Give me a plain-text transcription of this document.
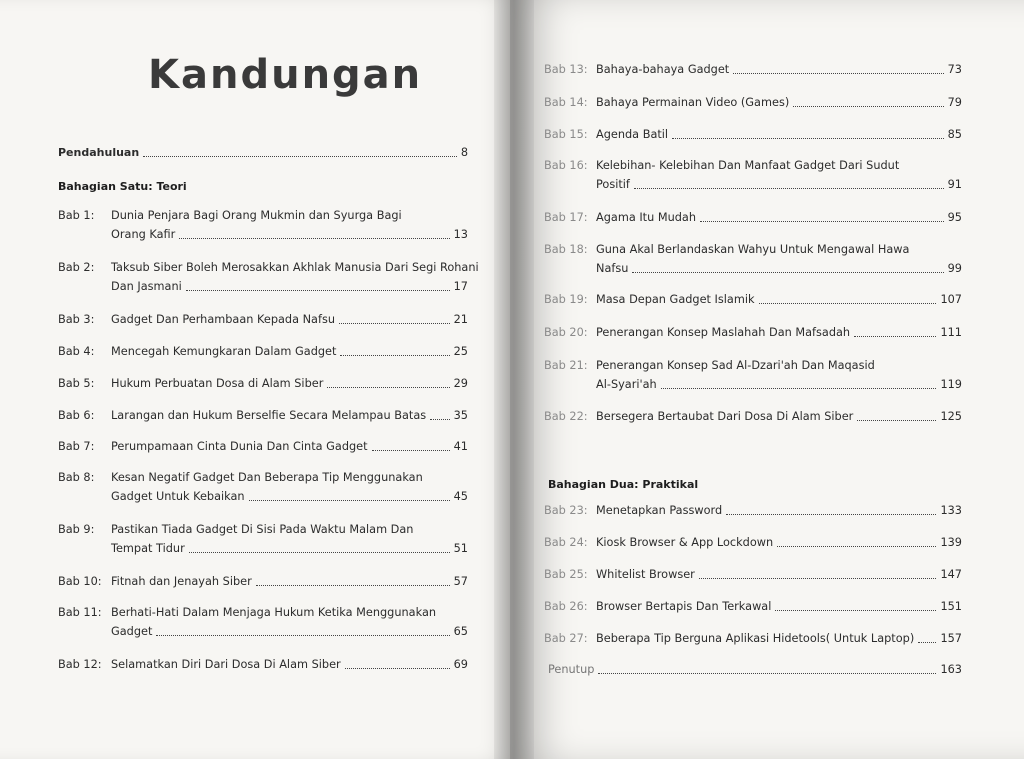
Kandungan
Pendahuluan	8
Bahagian Satu: Teori
Bab 1: Dunia Penjara Bagi Orang Mukmin dan Syurga Bagi
Orang Kafir	13
Bab 2: Taksub Siber Boleh Merosakkan Akhlak Manusia Dari Segi Rohani
Dan Jasmani	17
Bab 3: Gadget Dan Perhambaan Kepada Nafsu	21
Bab 4: Mencegah Kemungkaran Dalam Gadget	25
Bab 5: Hukum Perbuatan Dosa di Alam Siber	29
Bab 6: Larangan dan Hukum Berselfie Secara Melampau Batas 35
Bab 7: Perumpamaan Cinta Dunia Dan Cinta Gadget	41
Bab 8: Kesan Negatif Gadget Dan Beberapa Tip Menggunakan
Gadget Untuk Kebaikan	45
Bab 9: Pastikan Tiada Gadget Di Sisi Pada Waktu Malam Dan
Tempat Tidur	51
Bab 10: Fitnah dan Jenayah Siber	57
Bab 11: Berhati-Hati Dalam Menjaga Hukum Ketika Menggunakan
Gadget	65
Bab 12: Selamatkan Diri Dari Dosa Di Alam Siber	69
Bab 13: Bahaya-bahaya Gadget	73
Bab 14: Bahaya Permainan Video (Games)	79
Bab 15: Agenda Batil	85
Bab 16: Kelebihan- Kelebihan Dan Manfaat Gadget Dari Sudut
Positif	91
Bab 17: Agama Itu Mudah	95
Bab 18: Guna Akal Berlandaskan Wahyu Untuk Mengawal Hawa
Nafsu	99
Bab 19: Masa Depan Gadget Islamik	107
Bab 20: Penerangan Konsep Maslahah Dan Mafsadah	111
Bab 21: Penerangan Konsep Sad Al-Dzari'ah Dan Maqasid
Al-Syari'ah	119
Bab 22: Bersegera Bertaubat Dari Dosa Di Alam Siber	125
Bahagian Dua: Praktikal
Bab 23: Menetapkan Password	133
Bab 24: Kiosk Browser & App Lockdown	139
Bab 25: Whitelist Browser	147
Bab 26: Browser Bertapis Dan Terkawal	151
Bab 27: Beberapa Tip Berguna Aplikasi Hidetools( Untuk Laptop) 157
Penutup	163
